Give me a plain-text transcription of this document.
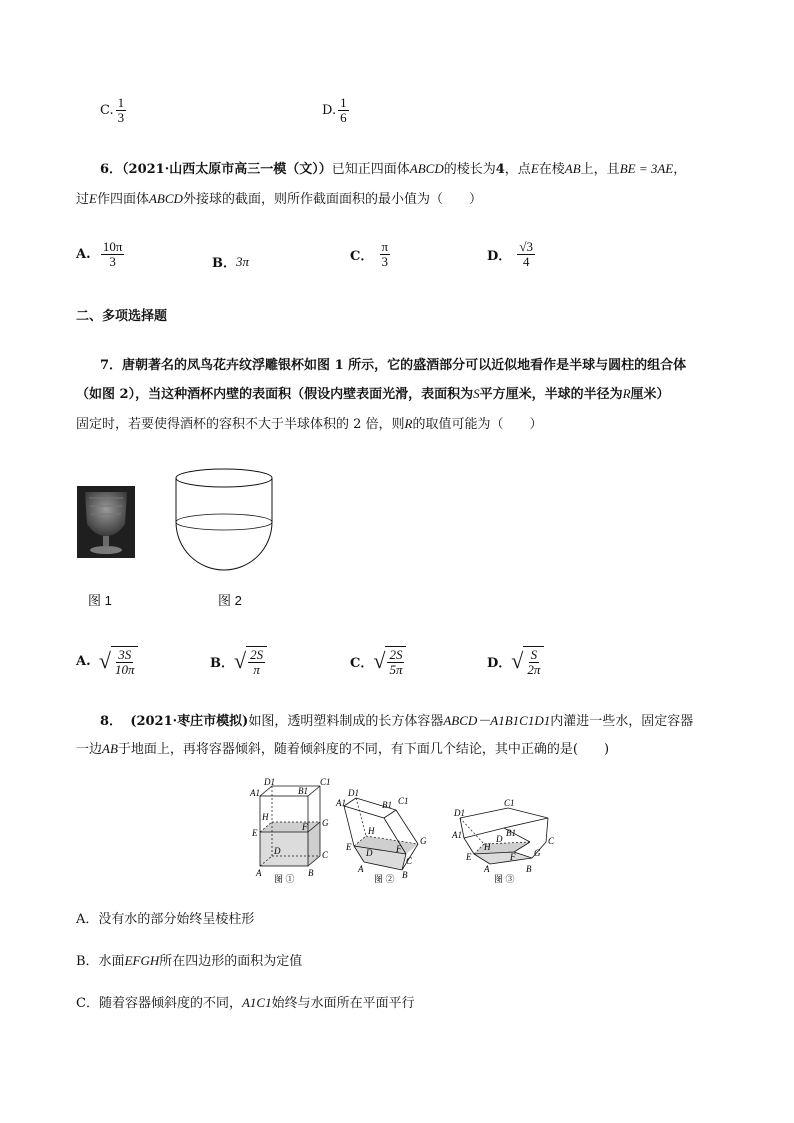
C. $\frac{1}{3}$	D. $\frac{1}{6}$
6．（2021·山西太原市高三一模（文））已知正四面体ABCD的棱长为4，点E在棱AB上，且BE = 3AE，
过E作四面体ABCD外接球的截面，则所作截面面积的最小值为（　　）
A.
$\frac{10\pi}{3}$	B． 3π	C．
$\frac{\pi}{3}$	D．
$\frac{√3}{4}$
二、多项选择题
7．唐朝著名的凤鸟花卉纹浮雕银杯如图 1 所示，它的盛酒部分可以近似地看作是半球与圆柱的组合体
（如图 2），当这种酒杯内壁的表面积（假设内壁表面光滑，表面积为S平方厘米，半球的半径为R厘米）
固定时，若要使得酒杯的容积不大于半球体积的 2 倍，则R的取值可能为（　　）
图 1	图 2
A.
√ $\frac{3S}{10\pi}$	B． √ $\frac{2S}{\pi}$	C． √ $\frac{2S}{5\pi}$	D． √ $\frac{S}{2\pi}$
8． (2021·枣庄市模拟)如图，透明塑料制成的长方体容器ABCD－A1B1C1D1内灌进一些水，固定容器
一边AB于地面上，再将容器倾斜，随着倾斜度的不同，有下面几个结论，其中正确的是(　　)
A1
D1
B1
C1
H
E
F G
D	C
A	B
图 ①
A1
D1
B1 C1
H
E	F
G
D
C
A
B
图 ②
D1
C1
A1	B1
H
D
E	F G
C
A	B
图 ③
A．没有水的部分始终呈棱柱形
B．水面EFGH所在四边形的面积为定值
C．随着容器倾斜度的不同，A1C1始终与水面所在平面平行
